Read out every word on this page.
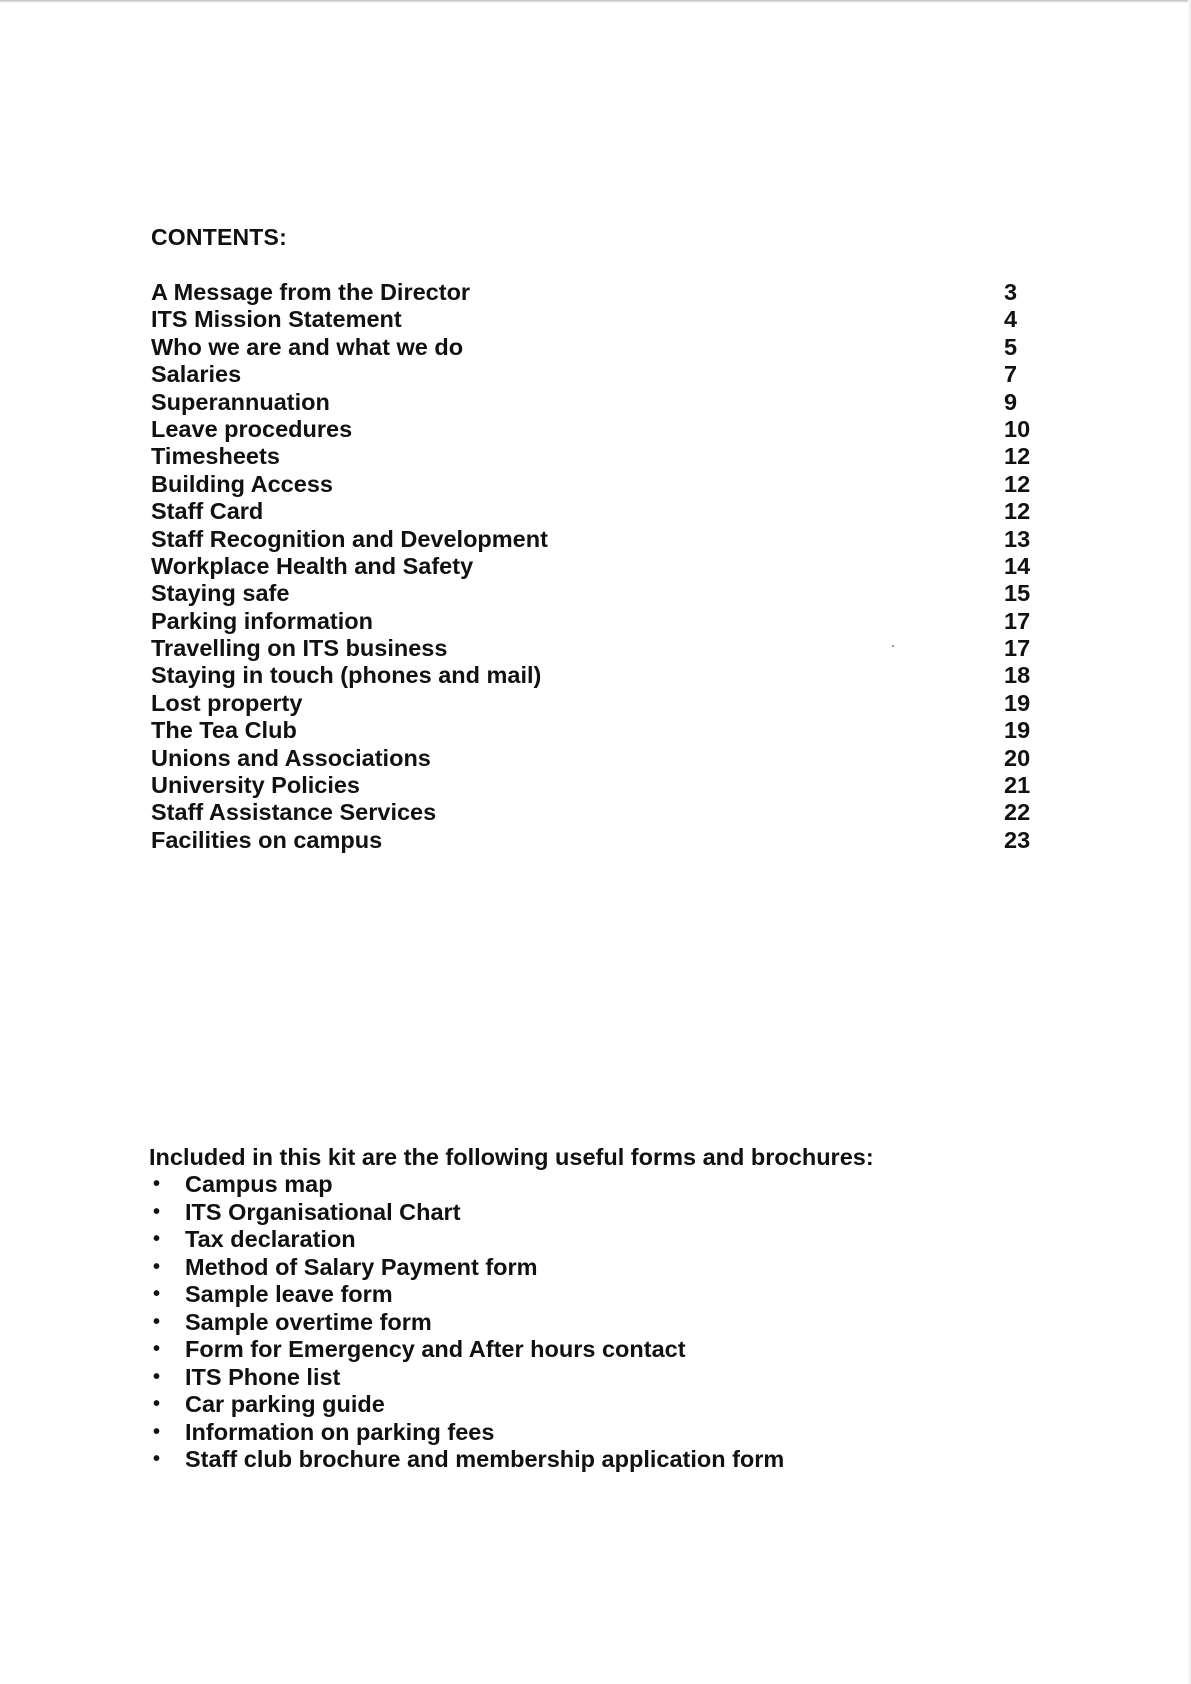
CONTENTS:
A Message from the Director	3
ITS Mission Statement	4
Who we are and what we do	5
Salaries	7
Superannuation	9
Leave procedures	10
Timesheets	12
Building Access	12
Staff Card	12
Staff Recognition and Development	13
Workplace Health and Safety	14
Staying safe	15
Parking information	17
Travelling on ITS business	17
Staying in touch (phones and mail)	18
Lost property	19
The Tea Club	19
Unions and Associations	20
University Policies	21
Staff Assistance Services	22
Facilities on campus	23
Included in this kit are the following useful forms and brochures:
• Campus map
• ITS Organisational Chart
• Tax declaration
• Method of Salary Payment form
• Sample leave form
• Sample overtime form
• Form for Emergency and After hours contact
• ITS Phone list
• Car parking guide
• Information on parking fees
• Staff club brochure and membership application form
